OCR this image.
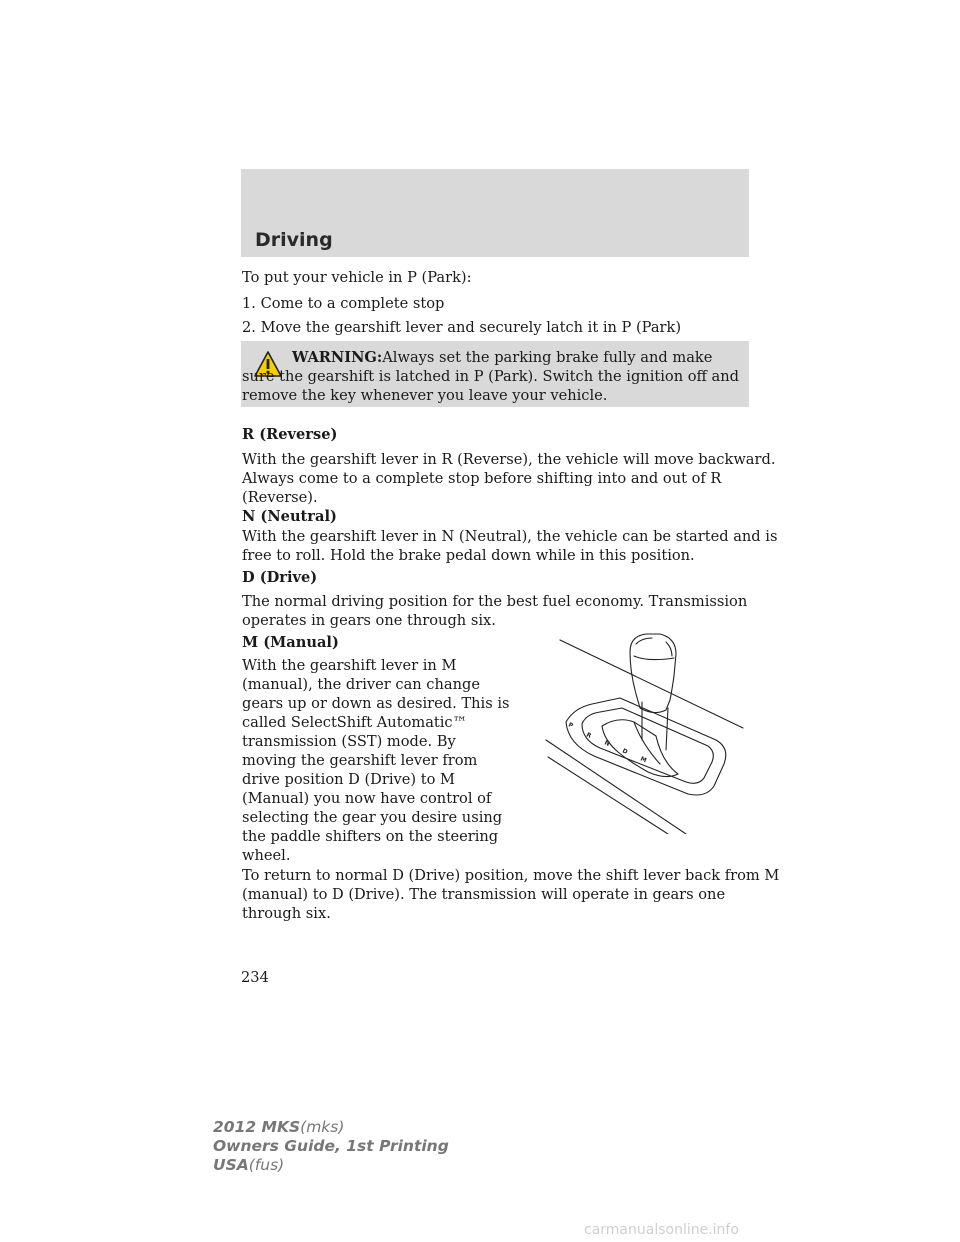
Driving

To put your vehicle in P (Park):

1. Come to a complete stop

2. Move the gearshift lever and securely latch it in P (Park)

WARNING:Always set the parking brake fully and make sure the gearshift is latched in P (Park). Switch the ignition off and remove the key whenever you leave your vehicle.

R (Reverse)

With the gearshift lever in R (Reverse), the vehicle will move backward.

Always come to a complete stop before shifting into and out of R

(Reverse).

N (Neutral)

With the gearshift lever in N (Neutral), the vehicle can be started and is

free to roll. Hold the brake pedal down while in this position.

D (Drive)

The normal driving position for the best fuel economy. Transmission

operates in gears one through six.

M (Manual)

With the gearshift lever in M

(manual), the driver can change

gears up or down as desired. This is

called SelectShift Automatic™

transmission (SST) mode. By

moving the gearshift lever from

drive position D (Drive) to M

(Manual) you now have control of

selecting the gear you desire using

the paddle shifters on the steering

wheel.

To return to normal D (Drive) position, move the shift lever back from M

(manual) to D (Drive). The transmission will operate in gears one

through six.

P
R
N
D
M
234
2012 MKS(mks)
Owners Guide, 1st Printing
USA(fus)
carmanualsonline.info
